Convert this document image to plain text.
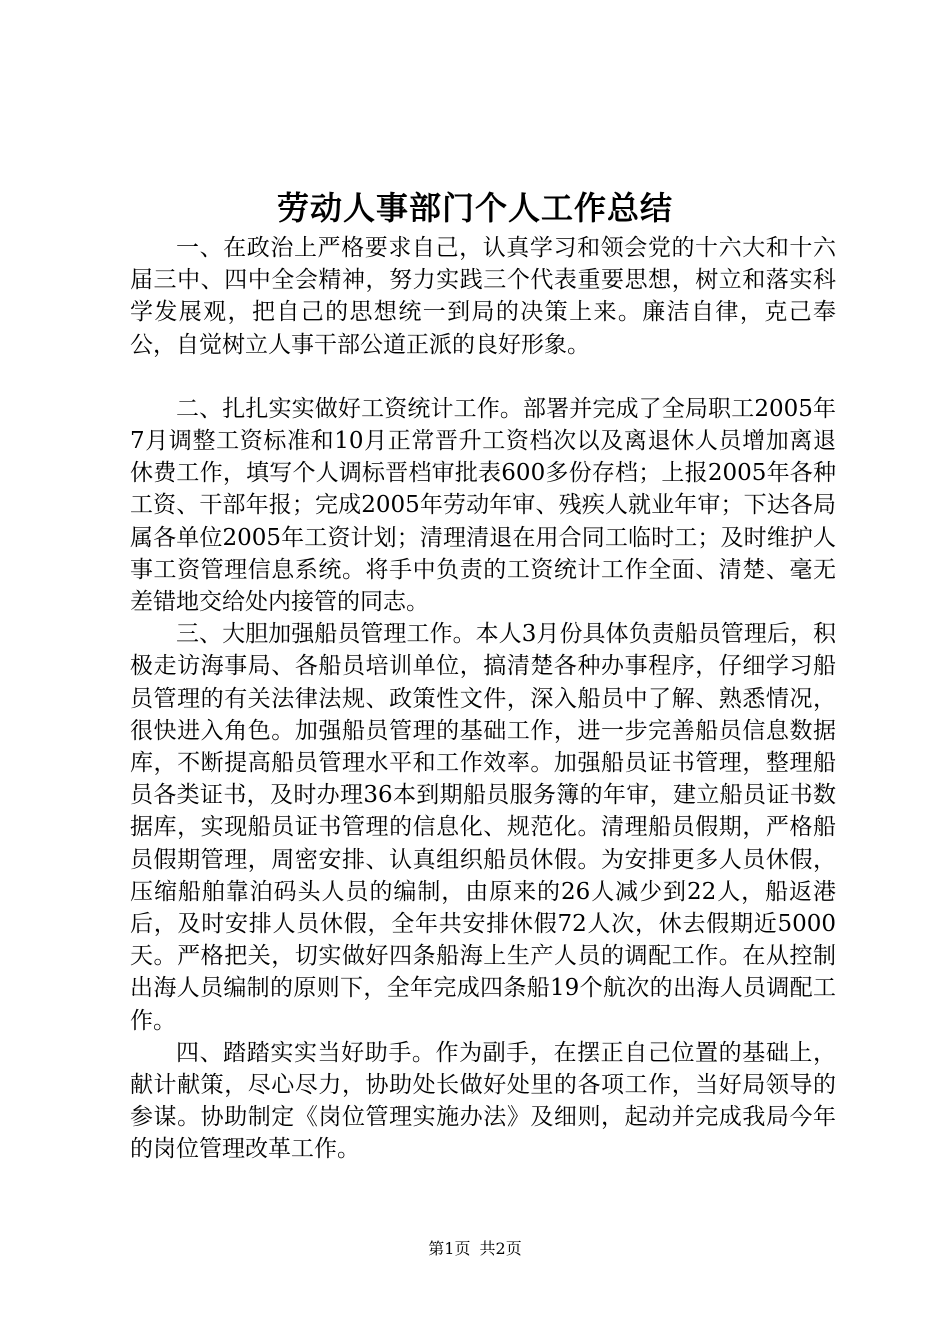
劳动人事部门个人工作总结

一、在政治上严格要求自己，认真学习和领会党的十六大和十六届三中、四中全会精神，努力实践三个代表重要思想，树立和落实科学发展观，把自己的思想统一到局的决策上来。廉洁自律，克己奉公，自觉树立人事干部公道正派的良好形象。

二、扎扎实实做好工资统计工作。部署并完成了全局职工2005年7月调整工资标准和10月正常晋升工资档次以及离退休人员增加离退休费工作，填写个人调标晋档审批表600多份存档；上报2005年各种工资、干部年报；完成2005年劳动年审、残疾人就业年审；下达各局属各单位2005年工资计划；清理清退在用合同工临时工；及时维护人事工资管理信息系统。将手中负责的工资统计工作全面、清楚、毫无差错地交给处内接管的同志。

三、大胆加强船员管理工作。本人3月份具体负责船员管理后，积极走访海事局、各船员培训单位，搞清楚各种办事程序，仔细学习船员管理的有关法律法规、政策性文件，深入船员中了解、熟悉情况，很快进入角色。加强船员管理的基础工作，进一步完善船员信息数据库，不断提高船员管理水平和工作效率。加强船员证书管理，整理船员各类证书，及时办理36本到期船员服务簿的年审，建立船员证书数据库，实现船员证书管理的信息化、规范化。清理船员假期，严格船员假期管理，周密安排、认真组织船员休假。为安排更多人员休假，压缩船舶靠泊码头人员的编制，由原来的26人减少到22人，船返港后，及时安排人员休假，全年共安排休假72人次，休去假期近5000天。严格把关，切实做好四条船海上生产人员的调配工作。在从控制出海人员编制的原则下，全年完成四条船19个航次的出海人员调配工作。

四、踏踏实实当好助手。作为副手，在摆正自己位置的基础上，献计献策，尽心尽力，协助处长做好处里的各项工作，当好局领导的参谋。协助制定《岗位管理实施办法》及细则，起动并完成我局今年的岗位管理改革工作。

第1页 共2页
